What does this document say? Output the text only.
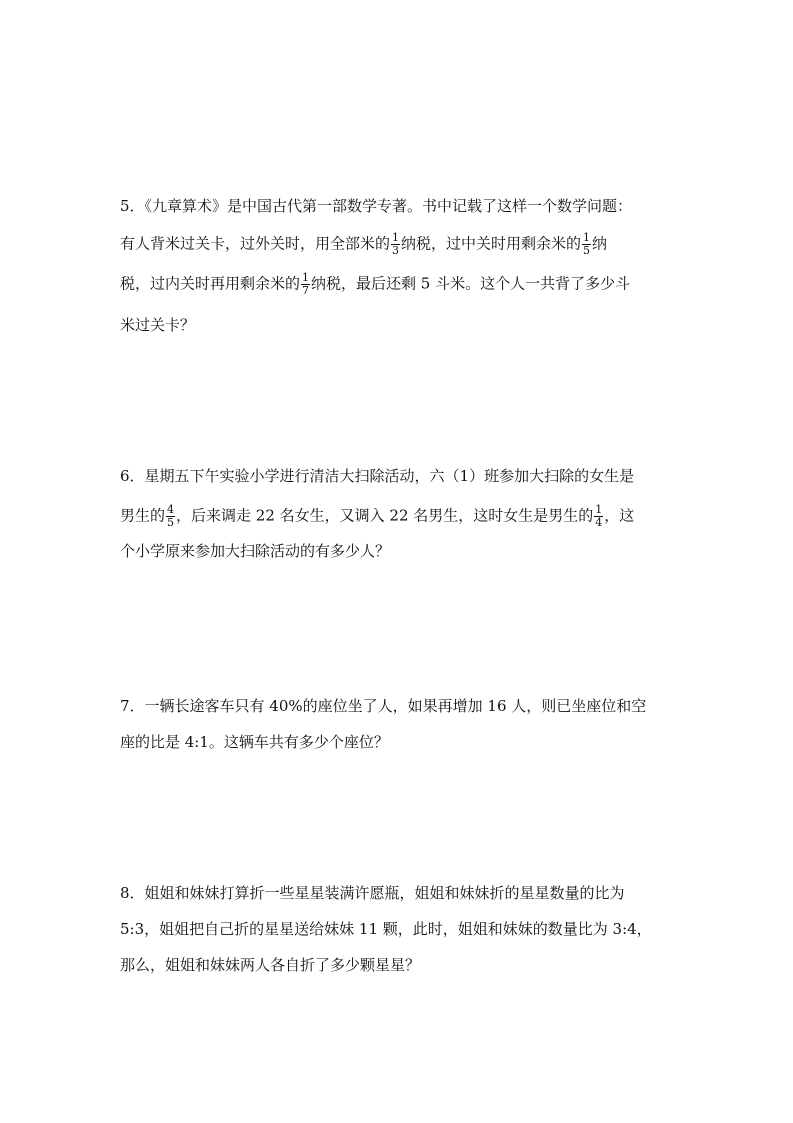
5．《九章算术》是中国古代第一部数学专著。书中记载了这样一个数学问题：
有人背米过关卡，过外关时，用全部米的 $\frac{1}{3}$ 纳税，过中关时用剩余米的 $\frac{1}{5}$ 纳
税，过内关时再用剩余米的 $\frac{1}{7}$ 纳税，最后还剩 5 斗米。这个人一共背了多少斗
米过关卡？
6．星期五下午实验小学进行清洁大扫除活动，六（1）班参加大扫除的女生是
男生的 $\frac{4}{5}$ ，后来调走 22 名女生，又调入 22 名男生，这时女生是男生的 $\frac{1}{4}$ ，这
个小学原来参加大扫除活动的有多少人？
7．一辆长途客车只有 40%的座位坐了人，如果再增加 16 人，则已坐座位和空
座的比是 4:1。这辆车共有多少个座位？
8．姐姐和妹妹打算折一些星星装满许愿瓶，姐姐和妹妹折的星星数量的比为
5:3，姐姐把自己折的星星送给妹妹 11 颗，此时，姐姐和妹妹的数量比为 3:4，
那么，姐姐和妹妹两人各自折了多少颗星星？
